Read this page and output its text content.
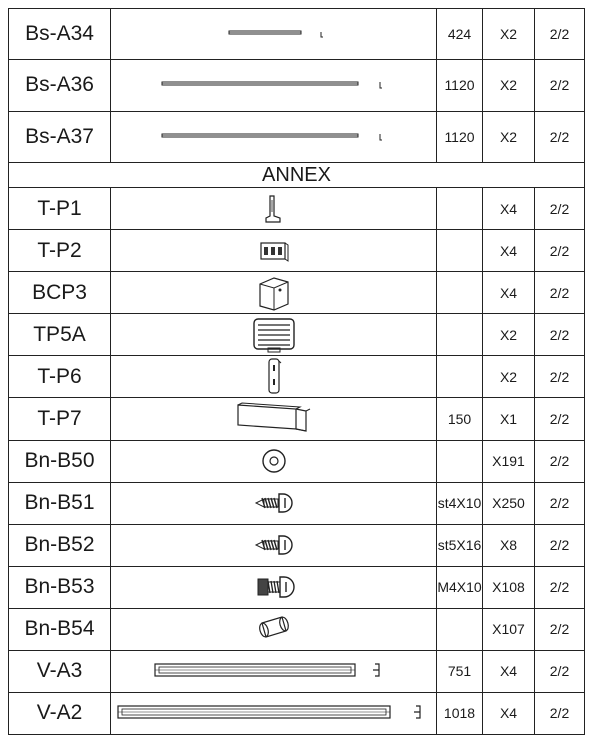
Bs-A34		424	X2	2/2
Bs-A36		1120	X2	2/2
Bs-A37		1120	X2	2/2
ANNEX				
T-P1			X4	2/2
T-P2			X4	2/2
BCP3			X4	2/2
TP5A			X2	2/2
T-P6			X2	2/2
T-P7		150	X1	2/2
Bn-B50			X191	2/2
Bn-B51		st4X10	X250	2/2
Bn-B52		st5X16	X8	2/2
Bn-B53		M4X10	X108	2/2
Bn-B54			X107	2/2
V-A3		751	X4	2/2
V-A2		1018	X4	2/2
